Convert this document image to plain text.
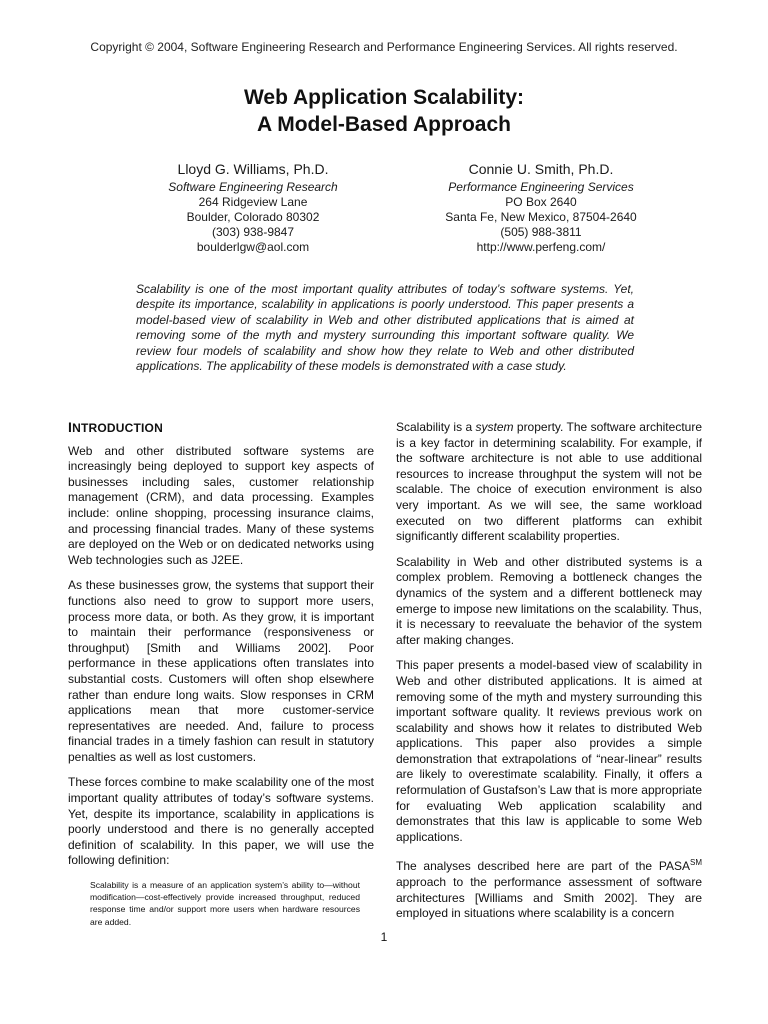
Copyright © 2004, Software Engineering Research and Performance Engineering Services. All rights reserved.
Web Application Scalability:
A Model-Based Approach
Lloyd G. Williams, Ph.D.
Software Engineering Research
264 Ridgeview Lane
Boulder, Colorado 80302
(303) 938-9847
boulderlgw@aol.com
Connie U. Smith, Ph.D.
Performance Engineering Services
PO Box 2640
Santa Fe, New Mexico, 87504-2640
(505) 988-3811
http://www.perfeng.com/
Scalability is one of the most important quality attributes of today’s software systems. Yet, despite its importance, scalability in applications is poorly understood. This paper presents a model-based view of scalability in Web and other distributed applications that is aimed at removing some of the myth and mystery surrounding this important software quality. We review four models of scalability and show how they relate to Web and other distributed applications. The applicability of these models is demonstrated with a case study.
INTRODUCTION

Web and other distributed software systems are increasingly being deployed to support key aspects of businesses including sales, customer relationship management (CRM), and data processing. Examples include: online shopping, processing insurance claims, and processing financial trades. Many of these systems are deployed on the Web or on dedicated networks using Web technologies such as J2EE.

As these businesses grow, the systems that support their functions also need to grow to support more users, process more data, or both. As they grow, it is important to maintain their performance (responsiveness or throughput) [Smith and Williams 2002]. Poor performance in these applications often translates into substantial costs. Customers will often shop elsewhere rather than endure long waits. Slow responses in CRM applications mean that more customer-service representatives are needed. And, failure to process financial trades in a timely fashion can result in statutory penalties as well as lost customers.

These forces combine to make scalability one of the most important quality attributes of today’s software systems. Yet, despite its importance, scalability in applications is poorly understood and there is no generally accepted definition of scalability. In this paper, we will use the following definition:

Scalability is a measure of an application system’s ability to—without modification—cost-effectively provide increased throughput, reduced response time and/or support more users when hardware resources are added.

Scalability is a system property. The software architecture is a key factor in determining scalability. For example, if the software architecture is not able to use additional resources to increase throughput the system will not be scalable. The choice of execution environment is also very important. As we will see, the same workload executed on two different platforms can exhibit significantly different scalability properties.

Scalability in Web and other distributed systems is a complex problem. Removing a bottleneck changes the dynamics of the system and a different bottleneck may emerge to impose new limitations on the scalability. Thus, it is necessary to reevaluate the behavior of the system after making changes.

This paper presents a model-based view of scalability in Web and other distributed applications. It is aimed at removing some of the myth and mystery surrounding this important software quality. It reviews previous work on scalability and shows how it relates to distributed Web applications. This paper also provides a simple demonstration that extrapolations of “near-linear” results are likely to overestimate scalability. Finally, it offers a reformulation of Gustafson’s Law that is more appropriate for evaluating Web application scalability and demonstrates that this law is applicable to some Web applications.

The analyses described here are part of the PASA℠ approach to the performance assessment of software architectures [Williams and Smith 2002]. They are employed in situations where scalability is a concern

1
